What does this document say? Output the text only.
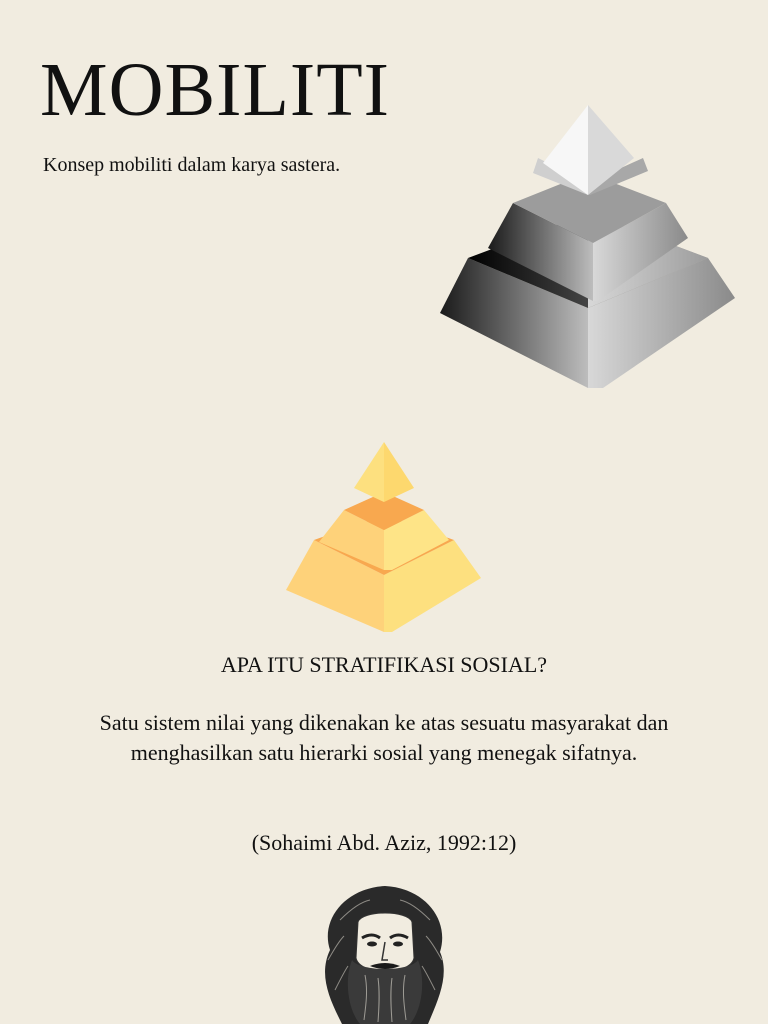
MOBILITI

Konsep mobiliti dalam karya sastera.

APA ITU STRATIFIKASI SOSIAL?

Satu sistem nilai yang dikenakan ke atas sesuatu masyarakat dan menghasilkan satu hierarki sosial yang menegak sifatnya.

(Sohaimi Abd. Aziz, 1992:12)
